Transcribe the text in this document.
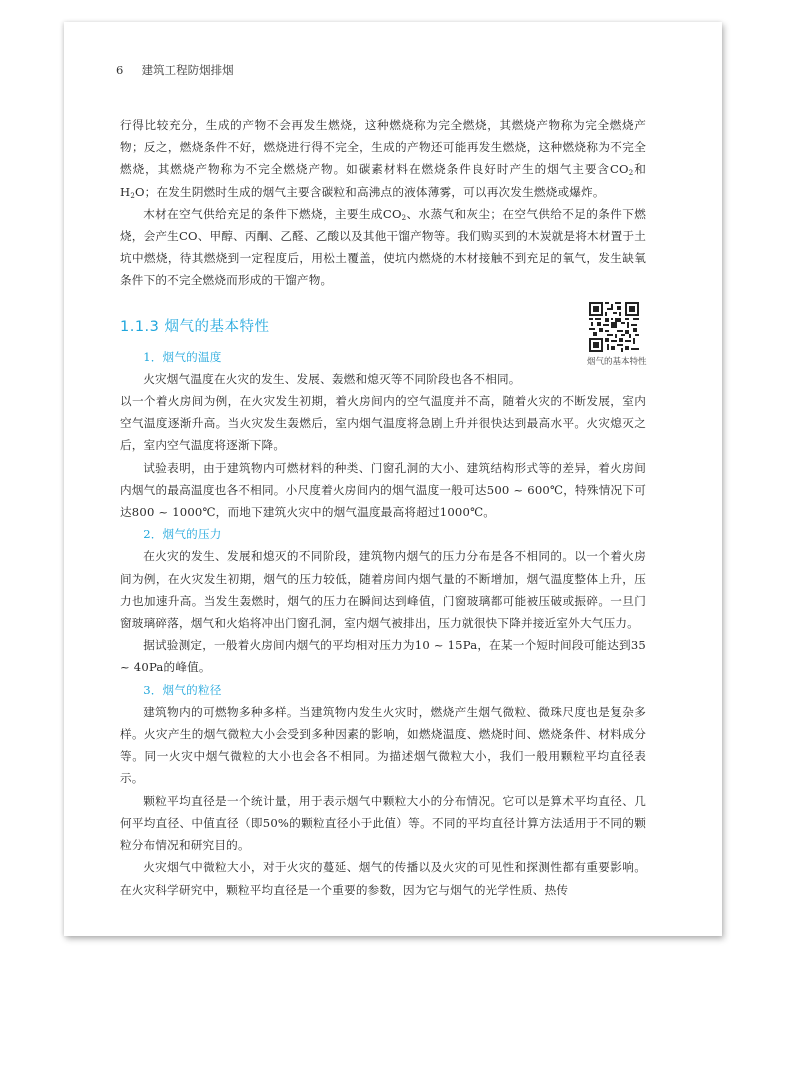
6 建筑工程防烟排烟

行得比较充分，生成的产物不会再发生燃烧，这种燃烧称为完全燃烧，其燃烧产物称为完全燃烧产物；反之，燃烧条件不好，燃烧进行得不完全，生成的产物还可能再发生燃烧，这种燃烧称为不完全燃烧，其燃烧产物称为不完全燃烧产物。如碳素材料在燃烧条件良好时产生的烟气主要含$CO_2$和$H_2O$；在发生阴燃时生成的烟气主要含碳粒和高沸点的液体薄雾，可以再次发生燃烧或爆炸。

木材在空气供给充足的条件下燃烧，主要生成$CO_2$、水蒸气和灰尘；在空气供给不足的条件下燃烧，会产生CO、甲醇、丙酮、乙醛、乙酸以及其他干馏产物等。我们购买到的木炭就是将木材置于土坑中燃烧，待其燃烧到一定程度后，用松土覆盖，使坑内燃烧的木材接触不到充足的氧气，发生缺氧条件下的不完全燃烧而形成的干馏产物。

1.1.3 烟气的基本特性

1．烟气的温度

火灾烟气温度在火灾的发生、发展、轰燃和熄灭等不同阶段也各不相同。

以一个着火房间为例，在火灾发生初期，着火房间内的空气温度并不高，随着火灾的不断发展，室内空气温度逐渐升高。当火灾发生轰燃后，室内烟气温度将急剧上升并很快达到最高水平。火灾熄灭之后，室内空气温度将逐渐下降。

试验表明，由于建筑物内可燃材料的种类、门窗孔洞的大小、建筑结构形式等的差异，着火房间内烟气的最高温度也各不相同。小尺度着火房间内的烟气温度一般可达500 ~ 600℃，特殊情况下可达800 ~ 1000℃，而地下建筑火灾中的烟气温度最高将超过1000℃。

2．烟气的压力

在火灾的发生、发展和熄灭的不同阶段，建筑物内烟气的压力分布是各不相同的。以一个着火房间为例，在火灾发生初期，烟气的压力较低，随着房间内烟气量的不断增加，烟气温度整体上升，压力也加速升高。当发生轰燃时，烟气的压力在瞬间达到峰值，门窗玻璃都可能被压破或振碎。一旦门窗玻璃碎落，烟气和火焰将冲出门窗孔洞，室内烟气被排出，压力就很快下降并接近室外大气压力。

据试验测定，一般着火房间内烟气的平均相对压力为10 ~ 15Pa，在某一个短时间段可能达到35 ~ 40Pa的峰值。

3．烟气的粒径

建筑物内的可燃物多种多样。当建筑物内发生火灾时，燃烧产生烟气微粒、微珠尺度也是复杂多样。火灾产生的烟气微粒大小会受到多种因素的影响，如燃烧温度、燃烧时间、燃烧条件、材料成分等。同一火灾中烟气微粒的大小也会各不相同。为描述烟气微粒大小，我们一般用颗粒平均直径表示。

颗粒平均直径是一个统计量，用于表示烟气中颗粒大小的分布情况。它可以是算术平均直径、几何平均直径、中值直径（即50%的颗粒直径小于此值）等。不同的平均直径计算方法适用于不同的颗粒分布情况和研究目的。

火灾烟气中微粒大小，对于火灾的蔓延、烟气的传播以及火灾的可见性和探测性都有重要影响。在火灾科学研究中，颗粒平均直径是一个重要的参数，因为它与烟气的光学性质、热传

烟气的基本特性
